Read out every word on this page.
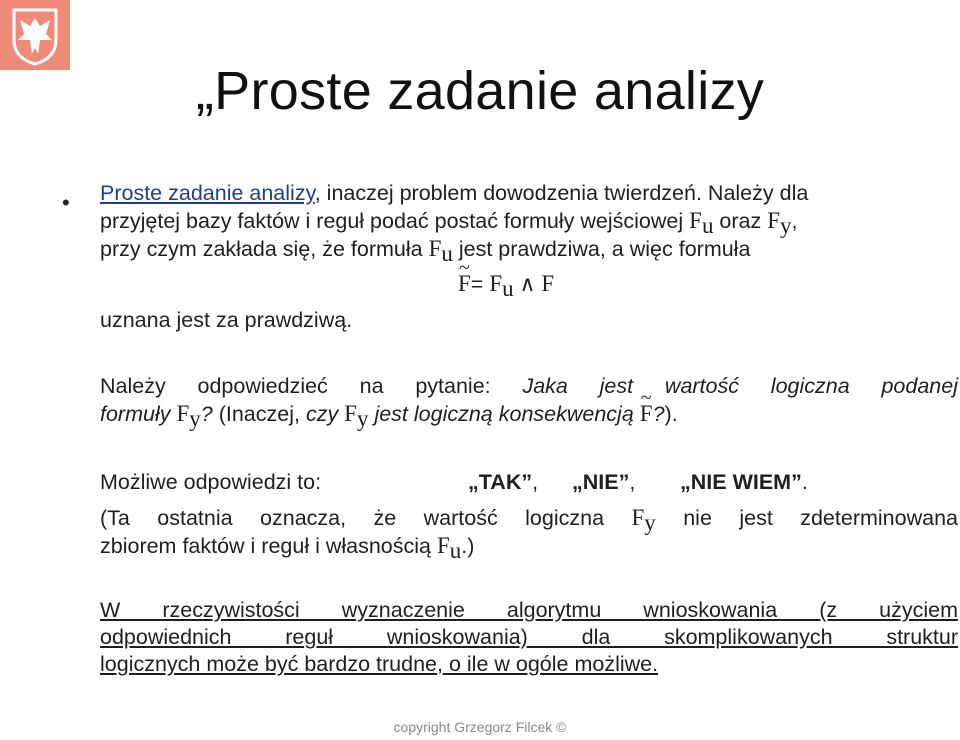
„Proste zadanie analizy
• Proste zadanie analizy, inaczej problem dowodzenia twierdzeń. Należy dla
przyjętej bazy faktów i reguł podać postać formuły wejściowej $F_u$ oraz $F_y$,
przy czym zakłada się, że formuła $F_u$ jest prawdziwa, a więc formuła
~ $F= F_u$ ∧ F
uznana jest za prawdziwą.
Należy odpowiedzieć na pytanie: Jaka jest wartość logiczna podanej
formuły $F_y$? (Inaczej, czy $F_y$ jest logiczną konsekwencją ~ F?).
Możliwe odpowiedzi to:	„TAK”, „NIE”, „NIE WIEM”.
(Ta ostatnia oznacza, że wartość logiczna $F_y$ nie jest zdeterminowana
zbiorem faktów i reguł i własnością $F_u$.)
W rzeczywistości wyznaczenie algorytmu wnioskowania (z użyciem
odpowiednich reguł wnioskowania) dla skomplikowanych struktur
logicznych może być bardzo trudne, o ile w ogóle możliwe.
copyright Grzegorz Filcek ©
